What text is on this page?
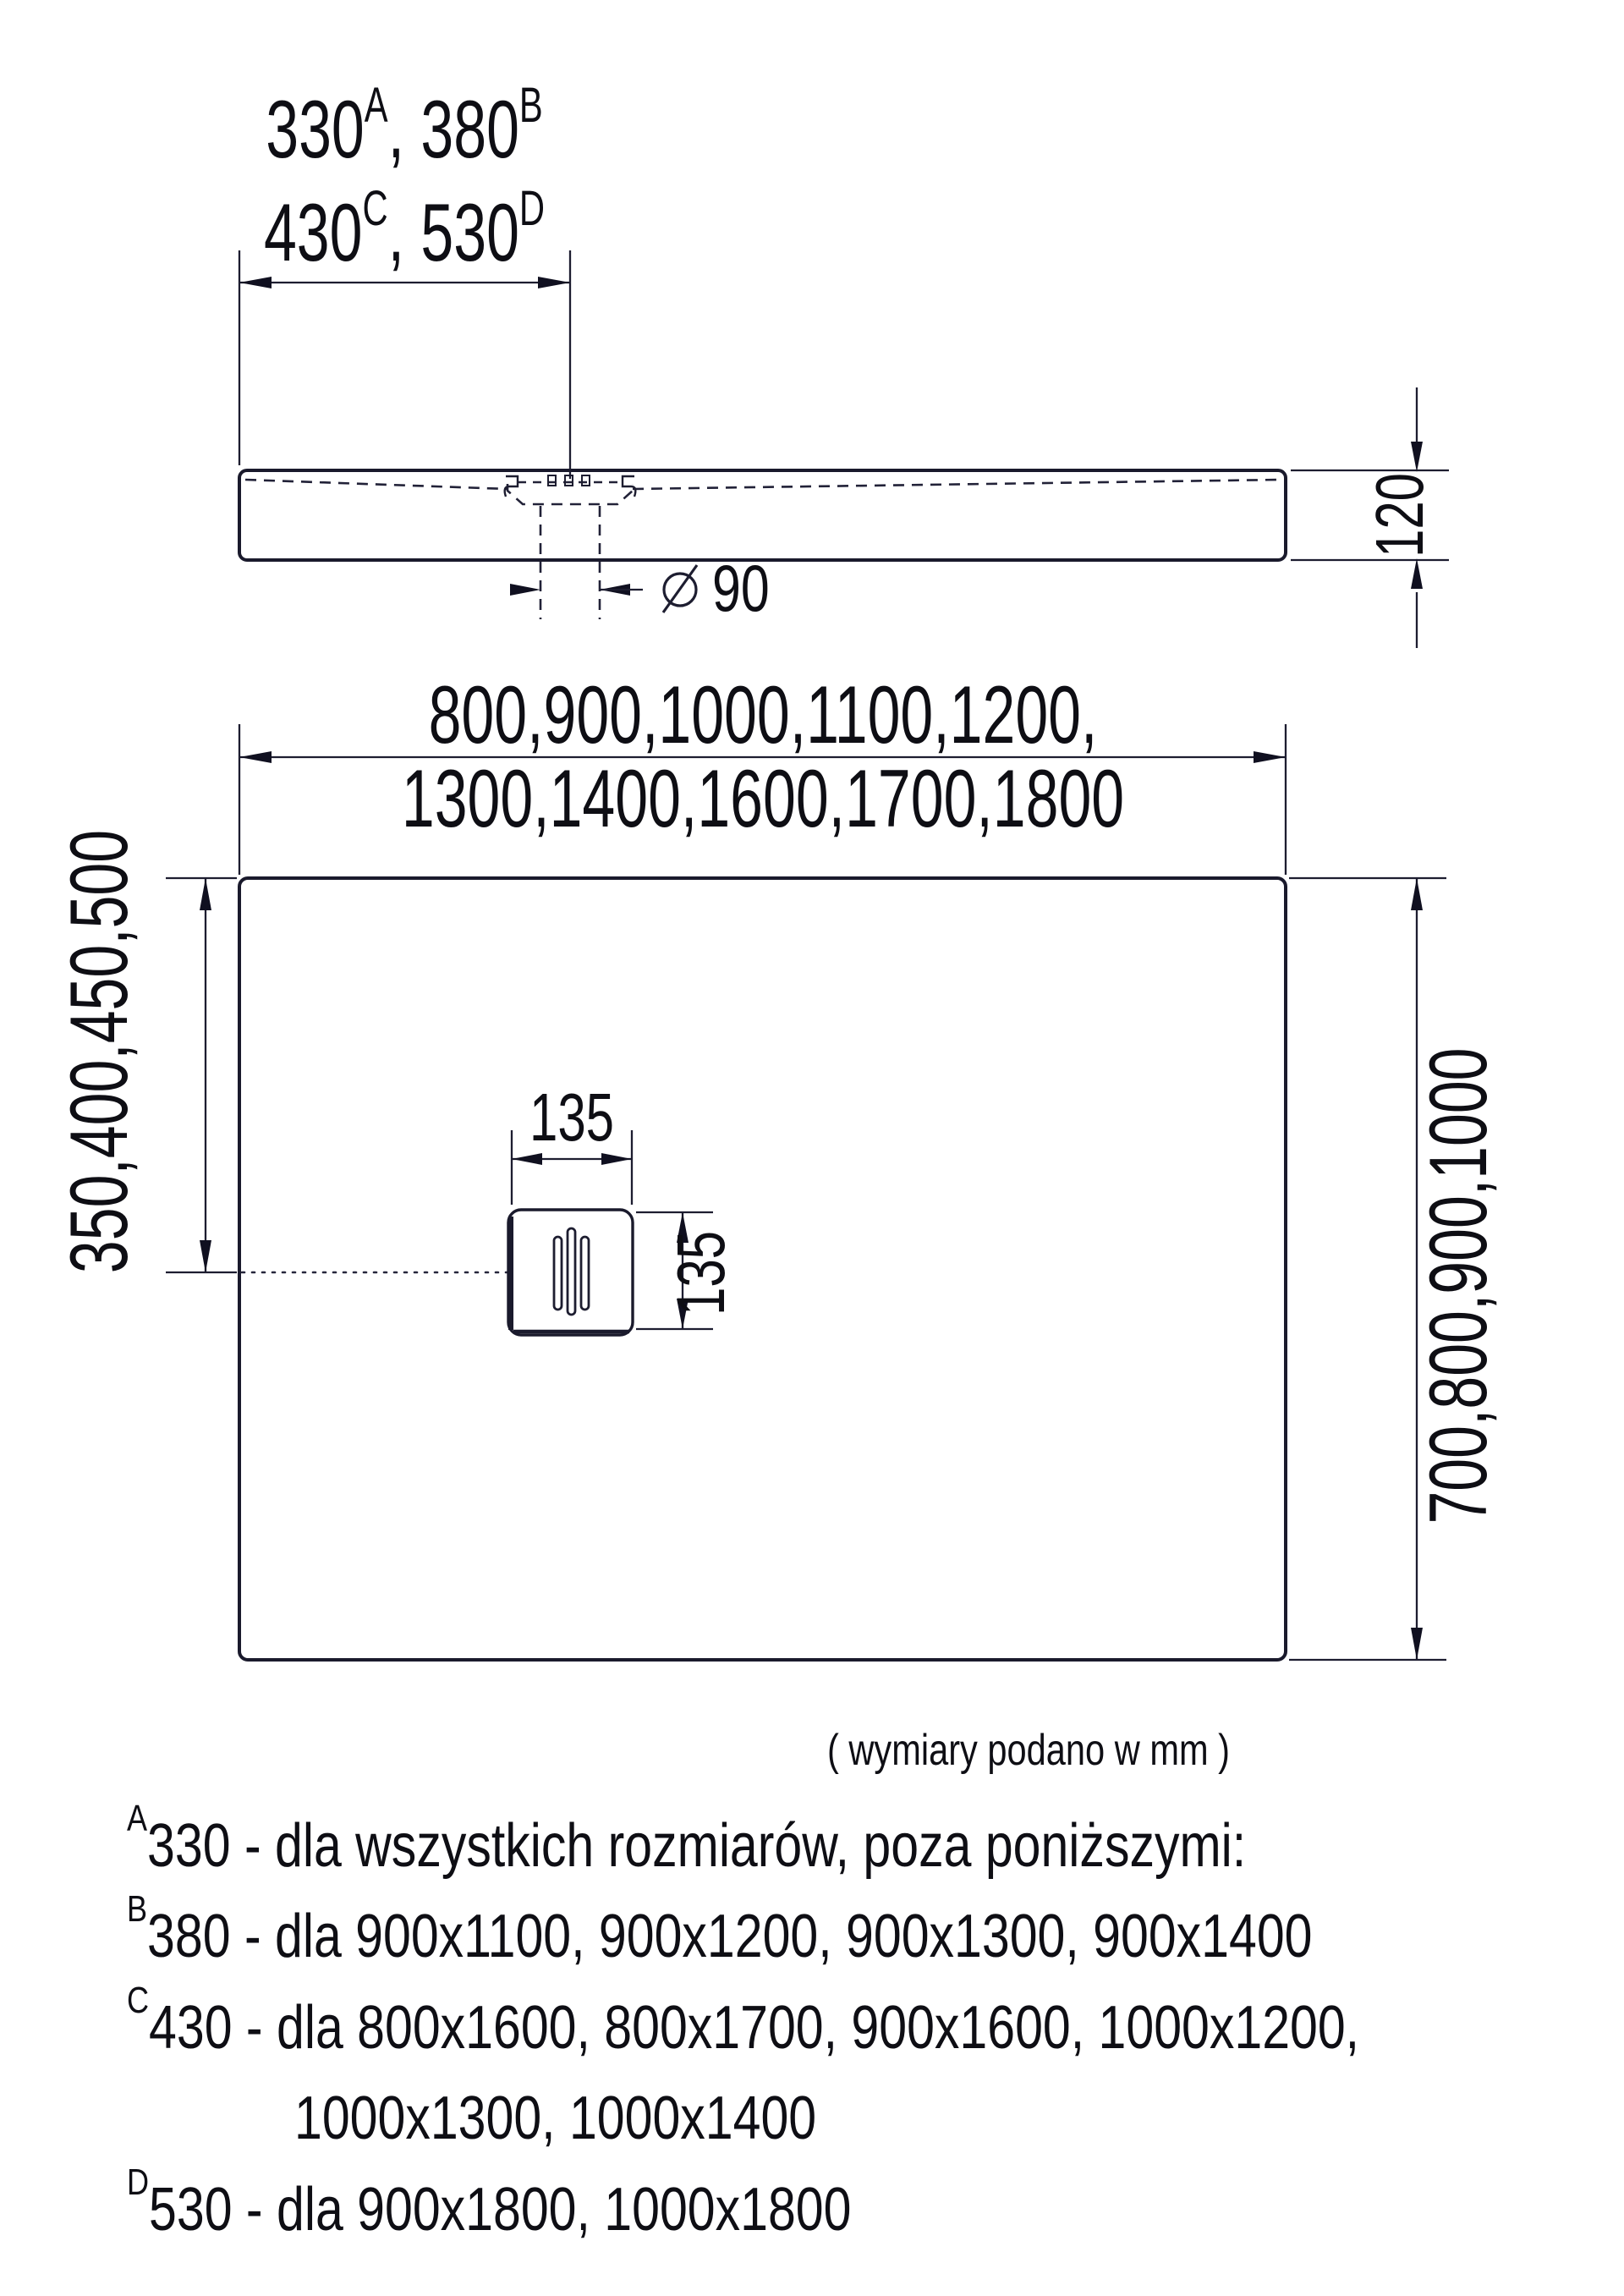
$330^A$, $380^B$
$430^C$, $530^D$
90
120
800,900,1000,1100,1200,
1300,1400,1600,1700,1800
350,400,450,500	700,800,900,1000
135
135
( wymiary podano w mm )
$^A$330 - dla wszystkich rozmiarów, poza poniższymi:
$^B$380 - dla 900x1100, 900x1200, 900x1300, 900x1400
$^C$430 - dla 800x1600, 800x1700, 900x1600, 1000x1200,
1000x1300, 1000x1400
$^D$530 - dla 900x1800, 1000x1800
